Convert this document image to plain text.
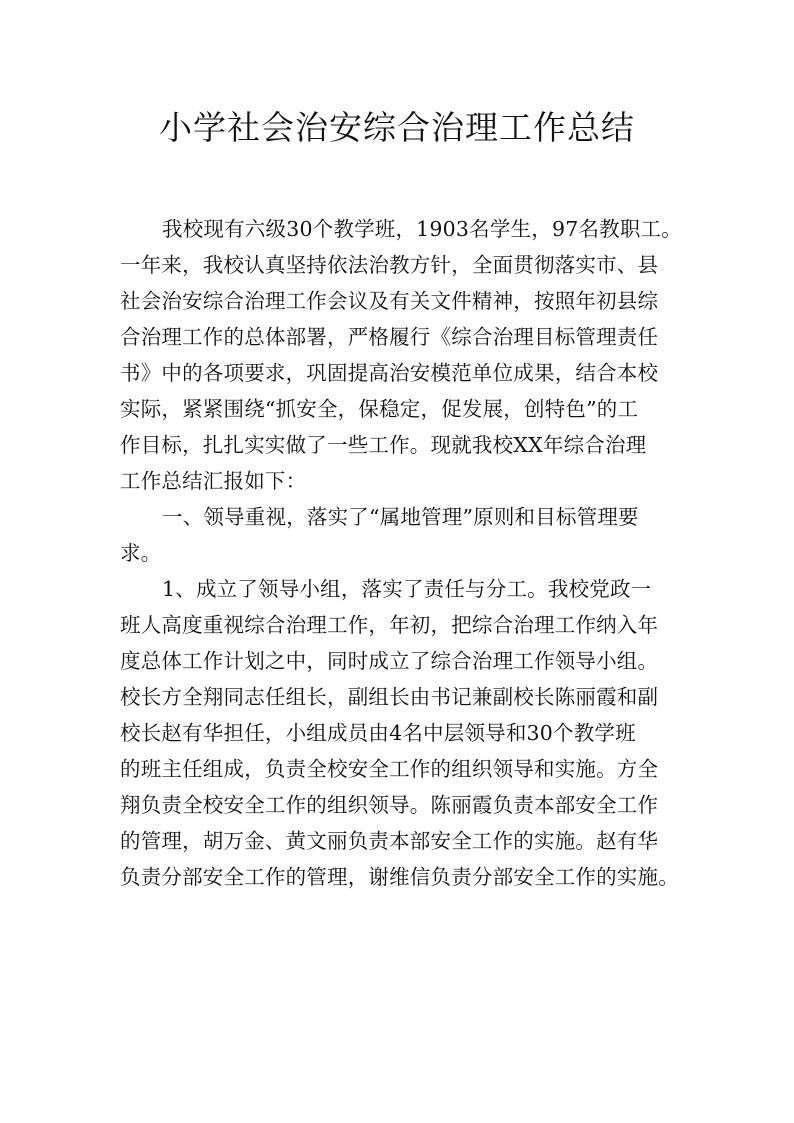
小学社会治安综合治理工作总结
我校现有六级30个教学班，1903名学生，97名教职工。
一年来，我校认真坚持依法治教方针，全面贯彻落实市、县
社会治安综合治理工作会议及有关文件精神，按照年初县综
合治理工作的总体部署，严格履行《综合治理目标管理责任
书》中的各项要求，巩固提高治安模范单位成果，结合本校
实际，紧紧围绕“抓安全，保稳定，促发展，创特色”的工
作目标，扎扎实实做了一些工作。现就我校XX年综合治理
工作总结汇报如下：
一、领导重视，落实了“属地管理”原则和目标管理要
求。
1、成立了领导小组，落实了责任与分工。我校党政一
班人高度重视综合治理工作，年初，把综合治理工作纳入年
度总体工作计划之中，同时成立了综合治理工作领导小组。
校长方全翔同志任组长，副组长由书记兼副校长陈丽霞和副
校长赵有华担任，小组成员由4名中层领导和30个教学班
的班主任组成，负责全校安全工作的组织领导和实施。方全
翔负责全校安全工作的组织领导。陈丽霞负责本部安全工作
的管理，胡万金、黄文丽负责本部安全工作的实施。赵有华
负责分部安全工作的管理，谢维信负责分部安全工作的实施。
